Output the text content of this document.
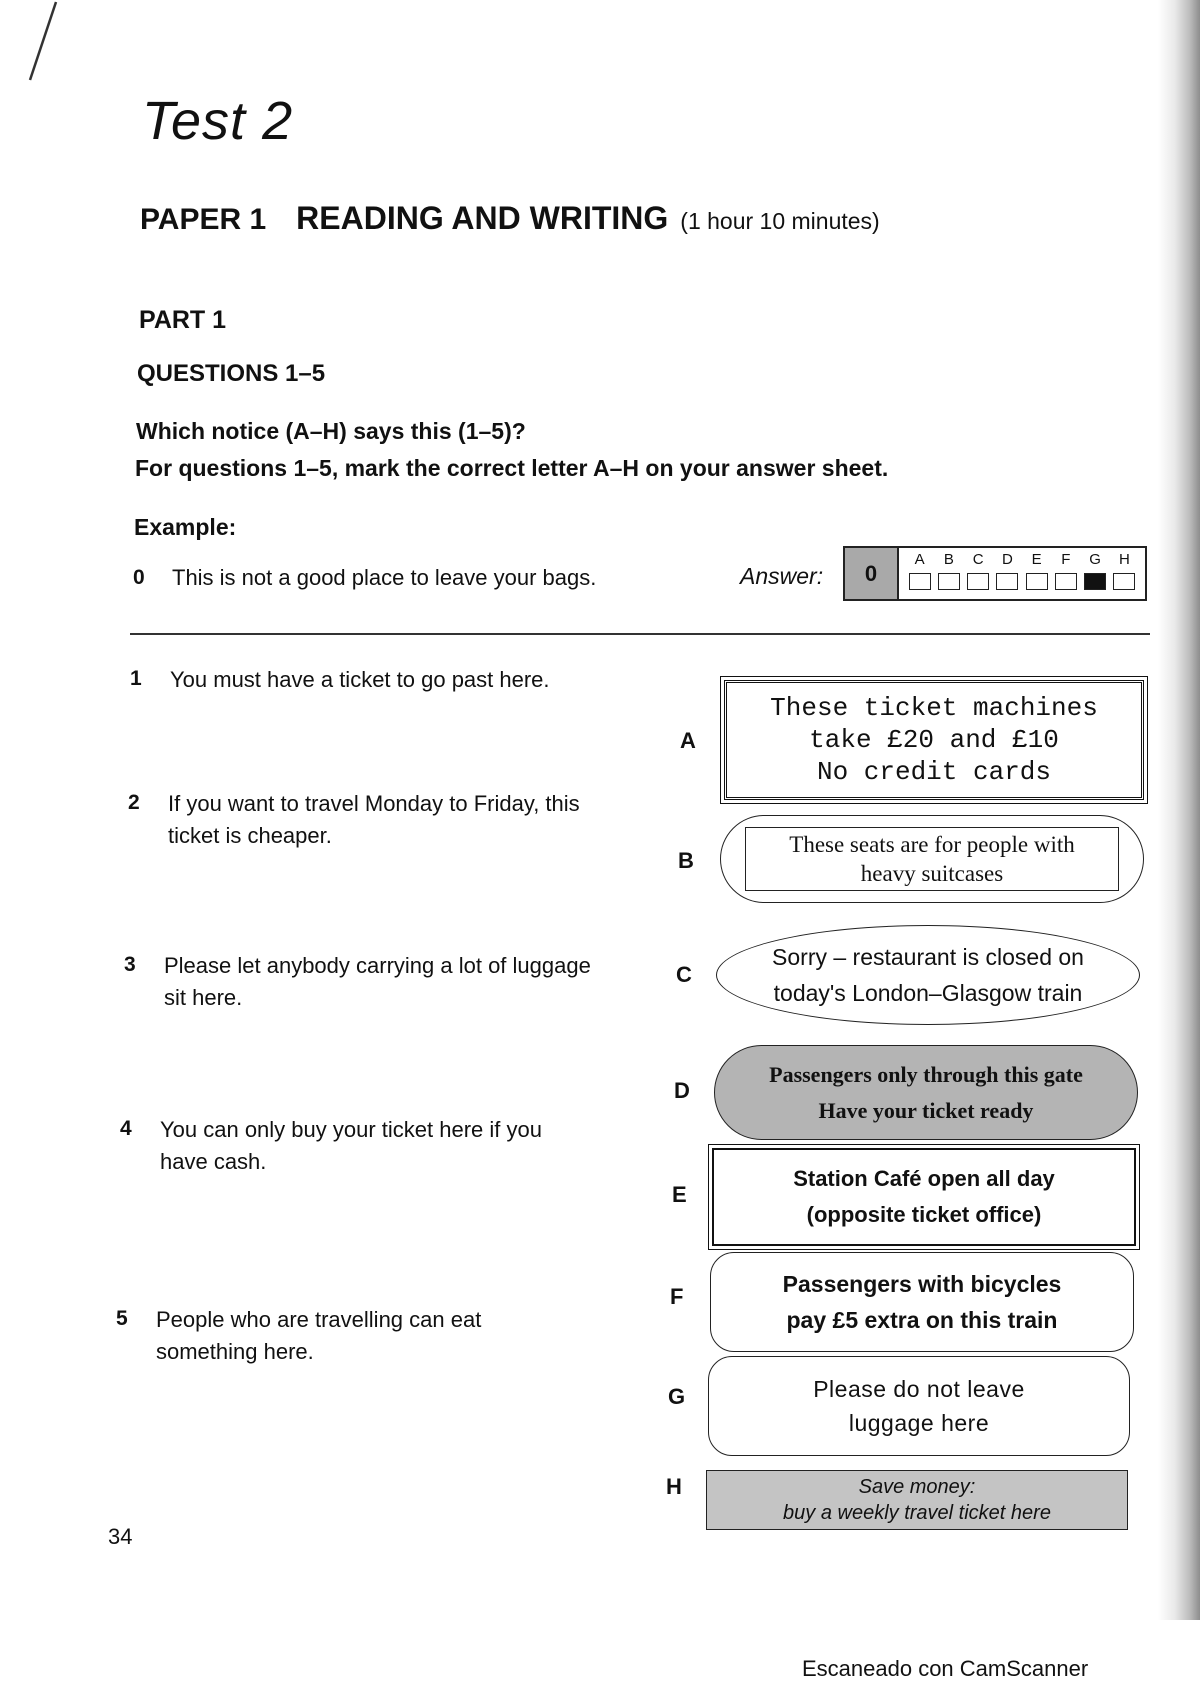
Test 2
PAPER 1 READING AND WRITING (1 hour 10 minutes)
PART 1
QUESTIONS 1–5
Which notice (A–H) says this (1–5)?
For questions 1–5, mark the correct letter A–H on your answer sheet.
Example:
0 This is not a good place to leave your bags.	Answer:	0
A B C D E F G H
1 You must have a ticket to go past here.
2 If you want to travel Monday to Friday, this
ticket is cheaper.
3 Please let anybody carrying a lot of luggage
sit here.
4 You can only buy your ticket here if you
have cash.
5 People who are travelling can eat
something here.
A
B
C
D
E
F
G
H
These ticket machines
take £20 and £10
No credit cards
These seats are for people with
heavy suitcases
Sorry – restaurant is closed on
today's London–Glasgow train
Passengers only through this gate
Have your ticket ready
Station Café open all day
(opposite ticket office)
Passengers with bicycles
pay £5 extra on this train
Please do not leave
luggage here
Save money:
buy a weekly travel ticket here
34
Escaneado con CamScanner
